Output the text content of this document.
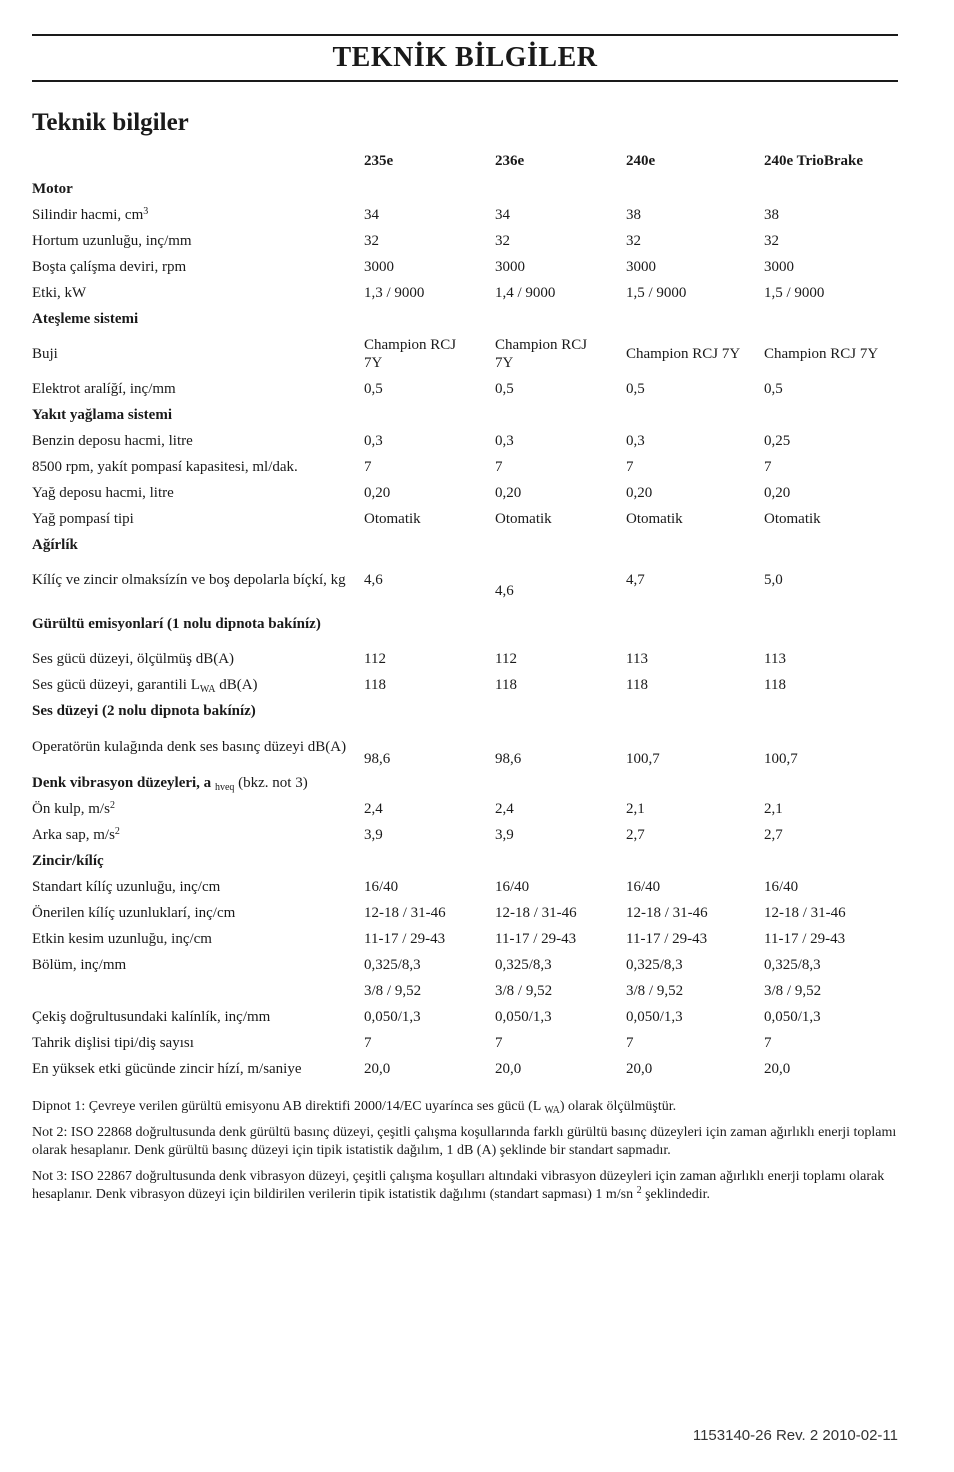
TEKNİK BİLGİLER
Teknik bilgiler
	235e	236e	240e	240e TrioBrake
Motor				
Silindir hacmi, $cm^3$	34	34	38	38
Hortum uzunluğu, inç/mm	32	32	32	32
Boşta çalíşma deviri, rpm	3000	3000	3000	3000
Etki, kW	1,3 / 9000	1,4 / 9000	1,5 / 9000	1,5 / 9000
Ateşleme sistemi				
Buji	Champion RCJ 7Y	Champion RCJ 7Y	Champion RCJ 7Y	Champion RCJ 7Y
Elektrot aralíğí, inç/mm	0,5	0,5	0,5	0,5
Yakıt yağlama sistemi				
Benzin deposu hacmi, litre	0,3	0,3	0,3	0,25
8500 rpm, yakít pompasí kapasitesi, ml/dak.	7	7	7	7
Yağ deposu hacmi, litre	0,20	0,20	0,20	0,20
Yağ pompasí tipi	Otomatik	Otomatik	Otomatik	Otomatik
Ağírlík				
Kílíç ve zincir olmaksízín ve boş depolarla bíçkí, kg	4,6	4,6	4,7	5,0
Gürültü emisyonlarí (1 nolu dipnota bakíníz)				
Ses gücü düzeyi, ölçülmüş dB(A)	112	112	113	113
Ses gücü düzeyi, garantili $L_{WA}$ dB(A)	118	118	118	118
Ses düzeyi (2 nolu dipnota bakíníz)				
Operatörün kulağında denk ses basınç düzeyi dB(A)	98,6	98,6	100,7	100,7
Denk vibrasyon düzeyleri, a $_{hveq}$ (bkz. not 3)				
Ön kulp, $m/s^2$	2,4	2,4	2,1	2,1
Arka sap, $m/s^2$	3,9	3,9	2,7	2,7
Zincir/kílíç				
Standart kílíç uzunluğu, inç/cm	16/40	16/40	16/40	16/40
Önerilen kílíç uzunluklarí, inç/cm	12-18 / 31-46	12-18 / 31-46	12-18 / 31-46	12-18 / 31-46
Etkin kesim uzunluğu, inç/cm	11-17 / 29-43	11-17 / 29-43	11-17 / 29-43	11-17 / 29-43
Bölüm, inç/mm	0,325/8,3	0,325/8,3	0,325/8,3	0,325/8,3
	3/8 / 9,52	3/8 / 9,52	3/8 / 9,52	3/8 / 9,52
Çekiş doğrultusundaki kalínlík, inç/mm	0,050/1,3	0,050/1,3	0,050/1,3	0,050/1,3
Tahrik dişlisi tipi/diş sayısı	7	7	7	7
En yüksek etki gücünde zincir hízí, m/saniye	20,0	20,0	20,0	20,0

Dipnot 1: Çevreye verilen gürültü emisyonu AB direktifi 2000/14/EC uyarínca ses gücü (L $_{WA}$) olarak ölçülmüştür.

Not 2: ISO 22868 doğrultusunda denk gürültü basınç düzeyi, çeşitli çalışma koşullarında farklı gürültü basınç düzeyleri için zaman ağırlıklı enerji toplamı olarak hesaplanır. Denk gürültü basınç düzeyi için tipik istatistik dağılım, 1 dB (A) şeklinde bir standart sapmadır.

Not 3: ISO 22867 doğrultusunda denk vibrasyon düzeyi, çeşitli çalışma koşulları altındaki vibrasyon düzeyleri için zaman ağırlıklı enerji toplamı olarak hesaplanır. Denk vibrasyon düzeyi için bildirilen verilerin tipik istatistik dağılımı (standart sapması) 1 m/sn $^2$ şeklindedir.

1153140-26 Rev. 2 2010-02-11
